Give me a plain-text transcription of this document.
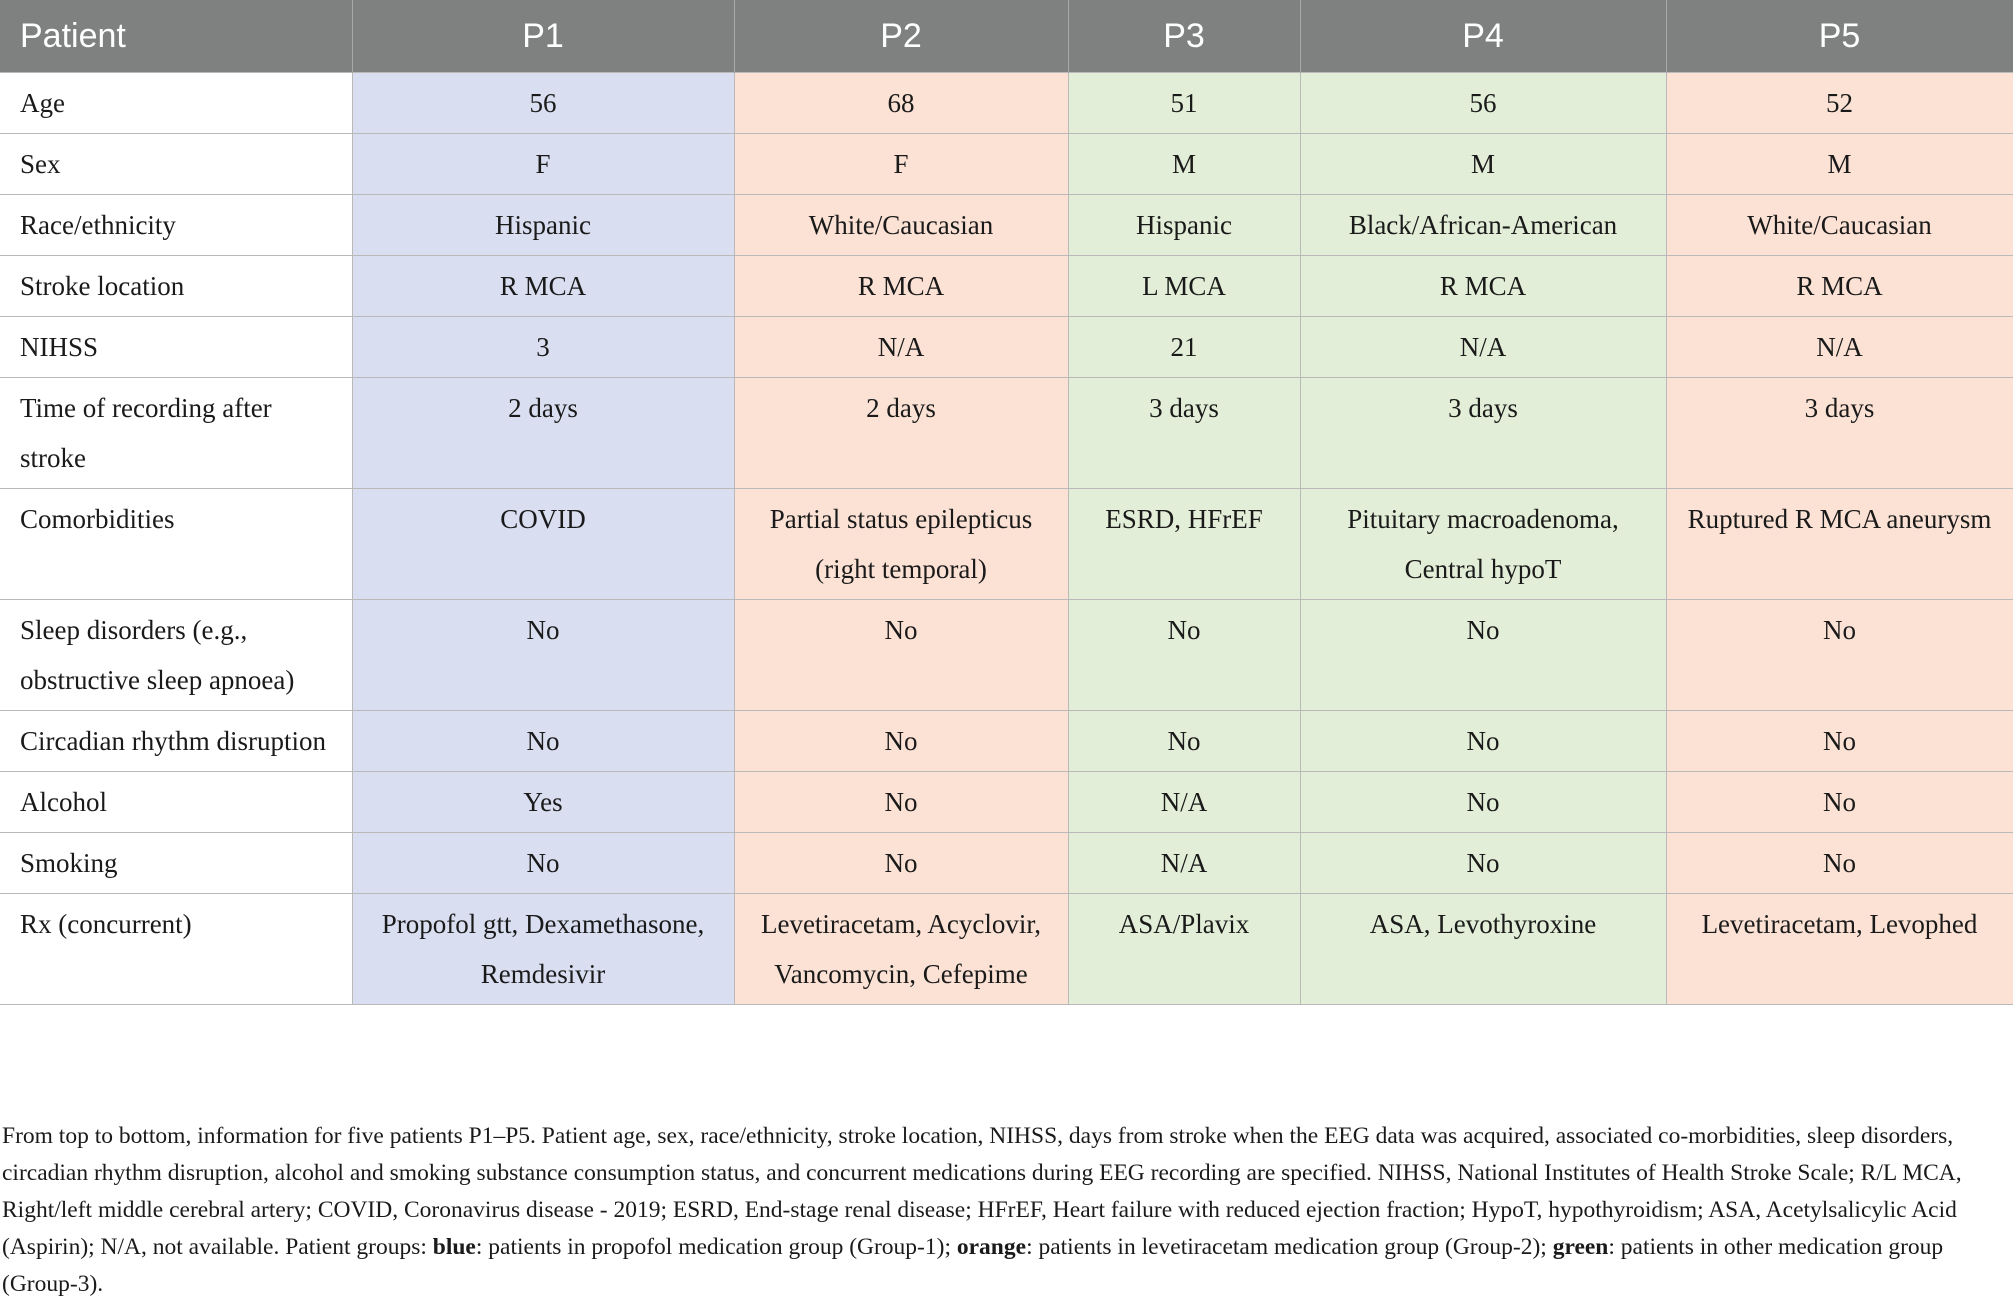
Patient	P1	P2	P3	P4	P5
Age	56	68	51	56	52
Sex	F	F	M	M	M
Race/ethnicity	Hispanic	White/Caucasian	Hispanic	Black/African-American	White/Caucasian
Stroke location	R MCA	R MCA	L MCA	R MCA	R MCA
NIHSS	3	N/A	21	N/A	N/A
Time of recording after stroke	2 days	2 days	3 days	3 days	3 days
Comorbidities	COVID	Partial status epilepticus (right temporal)	ESRD, HFrEF	Pituitary macroadenoma, Central hypoT	Ruptured R MCA aneurysm
Sleep disorders (e.g., obstructive sleep apnoea)	No	No	No	No	No
Circadian rhythm disruption	No	No	No	No	No
Alcohol	Yes	No	N/A	No	No
Smoking	No	No	N/A	No	No
Rx (concurrent)	Propofol gtt, Dexamethasone, Remdesivir	Levetiracetam, Acyclovir, Vancomycin, Cefepime	ASA/Plavix	ASA, Levothyroxine	Levetiracetam, Levophed
From top to bottom, information for five patients P1–P5. Patient age, sex, race/ethnicity, stroke location, NIHSS, days from stroke when the EEG data was acquired, associated co-morbidities, sleep disorders, circadian rhythm disruption, alcohol and smoking substance consumption status, and concurrent medications during EEG recording are specified. NIHSS, National Institutes of Health Stroke Scale; R/L MCA, Right/left middle cerebral artery; COVID, Coronavirus disease - 2019; ESRD, End-stage renal disease; HFrEF, Heart failure with reduced ejection fraction; HypoT, hypothyroidism; ASA, Acetylsalicylic Acid (Aspirin); N/A, not available. Patient groups: blue: patients in propofol medication group (Group-1); orange: patients in levetiracetam medication group (Group-2); green: patients in other medication group (Group-3).
